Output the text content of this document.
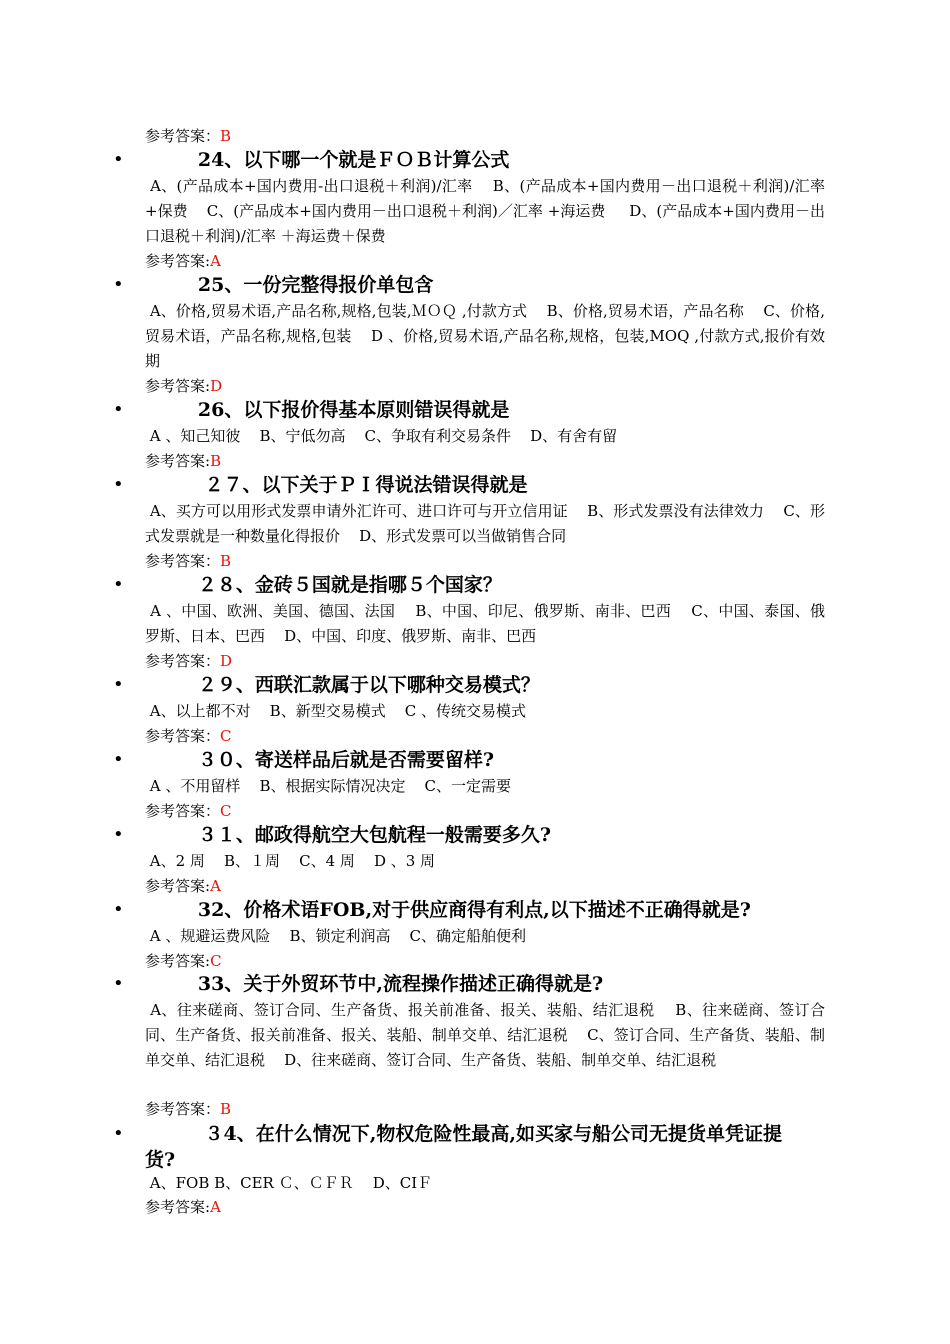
参考答案：B
• 24、以下哪一个就是ＦＯＢ计算公式
A、(产品成本+国内费用-出口退税＋利润)/汇率    B、(产品成本+国内费用－出口退税＋利润)/汇率 +保费    C、(产品成本+国内费用－出口退税＋利润)／汇率 +海运费     D、(产品成本+国内费用－出口退税＋利润)/汇率 ＋海运费＋保费
参考答案:A
• 25、一份完整得报价单包含
A、价格,贸易术语,产品名称,规格,包装,ＭＯＱ ,付款方式    B、价格,贸易术语，产品名称    C、价格,贸易术语，产品名称,规格,包装    D 、价格,贸易术语,产品名称,规格，包装,MOQ ,付款方式,报价有效期
参考答案:D
• 26、以下报价得基本原则错误得就是
A 、知己知彼    B、宁低勿高    C、争取有利交易条件    D、有舍有留
参考答案:B
• ２７、以下关于ＰＩ得说法错误得就是
A、买方可以用形式发票申请外汇许可、进口许可与开立信用证    B、形式发票没有法律效力    C、形式发票就是一种数量化得报价    D、形式发票可以当做销售合同
参考答案：B
• ２８、金砖５国就是指哪５个国家？
A 、中国、欧洲、美国、德国、法国    B、中国、印尼、俄罗斯、南非、巴西    C、中国、泰国、俄罗斯、日本、巴西    D、中国、印度、俄罗斯、南非、巴西
参考答案：D
• ２９、西联汇款属于以下哪种交易模式？
A、以上都不对    B、新型交易模式    C 、传统交易模式
参考答案：C
• ３０、寄送样品后就是否需要留样?
A 、不用留样    B、根据实际情况决定    C、一定需要
参考答案：C
• ３１、邮政得航空大包航程一般需要多久?
A、2 周    B、１周    C、4 周    D 、3 周
参考答案:A
• 32、价格术语FOB,对于供应商得有利点,以下描述不正确得就是?
A 、规避运费风险    B、锁定利润高    C、确定船舶便利
参考答案:C
• 33、关于外贸环节中,流程操作描述正确得就是?
A、往来磋商、签订合同、生产备货、报关前准备、报关、装船、结汇退税    B、往来磋商、签订合同、生产备货、报关前准备、报关、装船、制单交单、结汇退税    C、签订合同、生产备货、装船、制单交单、结汇退税    D、往来磋商、签订合同、生产备货、装船、制单交单、结汇退税
参考答案：B
• ３4、在什么情况下,物权危险性最高,如买家与船公司无提货单凭证提货?
A、FOB B、CER Ｃ、ＣＦＲ    D、CIＦ
参考答案:A
